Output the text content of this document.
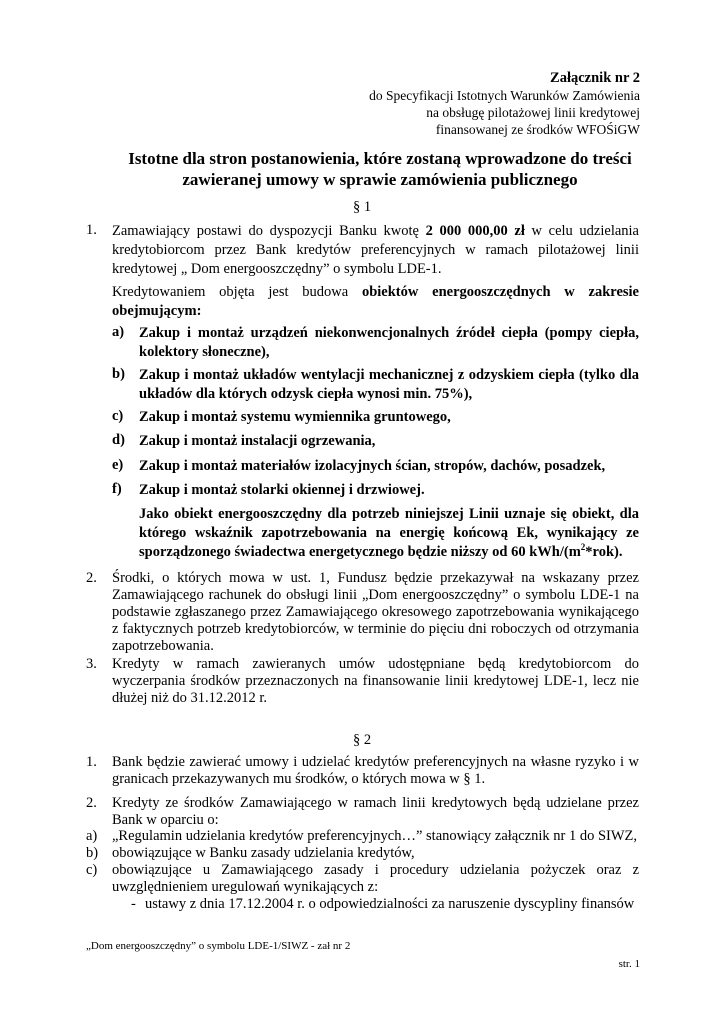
Załącznik nr 2
do Specyfikacji Istotnych Warunków Zamówienia
na obsługę pilotażowej linii kredytowej
finansowanej ze środków WFOŚiGW
Istotne dla stron postanowienia, które zostaną wprowadzone do treści
zawieranej umowy w sprawie zamówienia publicznego
§ 1
1. Zamawiający postawi do dyspozycji Banku kwotę 2 000 000,00 zł w celu udzielania kredytobiorcom przez Bank kredytów preferencyjnych w ramach pilotażowej linii kredytowej „ Dom energooszczędny” o symbolu LDE-1.
Kredytowaniem objęta jest budowa obiektów energooszczędnych w zakresie obejmującym:
a) Zakup i montaż urządzeń niekonwencjonalnych źródeł ciepła (pompy ciepła, kolektory słoneczne),
b) Zakup i montaż układów wentylacji mechanicznej z odzyskiem ciepła (tylko dla układów dla których odzysk ciepła wynosi min. 75%),
c) Zakup i montaż systemu wymiennika gruntowego,
d) Zakup i montaż instalacji ogrzewania,
e) Zakup i montaż materiałów izolacyjnych ścian, stropów, dachów, posadzek,
f) Zakup i montaż stolarki okiennej i drzwiowej.
Jako obiekt energooszczędny dla potrzeb niniejszej Linii uznaje się obiekt, dla którego wskaźnik zapotrzebowania na energię końcową Ek, wynikający ze sporządzonego świadectwa energetycznego będzie niższy od 60 kWh/$(m^2*rok)$.
2. Środki, o których mowa w ust. 1, Fundusz będzie przekazywał na wskazany przez Zamawiającego rachunek do obsługi linii „Dom energooszczędny” o symbolu LDE-1 na podstawie zgłaszanego przez Zamawiającego okresowego zapotrzebowania wynikającego z faktycznych potrzeb kredytobiorców, w terminie do pięciu dni roboczych od otrzymania zapotrzebowania.
3. Kredyty w ramach zawieranych umów udostępniane będą kredytobiorcom do wyczerpania środków przeznaczonych na finansowanie linii kredytowej LDE-1, lecz nie dłużej niż do 31.12.2012 r.
§ 2
1. Bank będzie zawierać umowy i udzielać kredytów preferencyjnych na własne ryzyko i w granicach przekazywanych mu środków, o których mowa w § 1.
2. Kredyty ze środków Zamawiającego w ramach linii kredytowych będą udzielane przez Bank w oparciu o:
a) „Regulamin udzielania kredytów preferencyjnych…” stanowiący załącznik nr 1 do SIWZ,
b) obowiązujące w Banku zasady udzielania kredytów,
c) obowiązujące u Zamawiającego zasady i procedury udzielania pożyczek oraz z uwzględnieniem uregulowań wynikających z:
- ustawy z dnia 17.12.2004 r. o odpowiedzialności za naruszenie dyscypliny finansów
„Dom energooszczędny” o symbolu LDE-1/SIWZ - zał nr 2
str. 1
